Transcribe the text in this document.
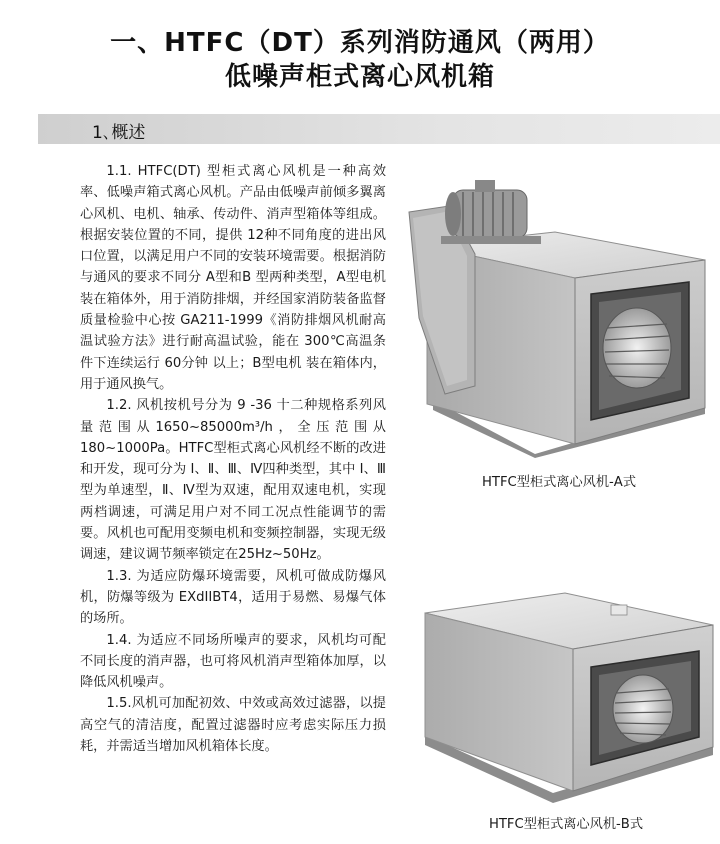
一、HTFC（DT）系列消防通风（两用）
低噪声柜式离心风机箱
1､概述

1.1. HTFC(DT) 型柜式离心风机是一种高效率、低噪声箱式离心风机。产品由低噪声前倾多翼离心风机、电机、轴承、传动件、消声型箱体等组成。根据安装位置的不同，提供 12种不同角度的进出风口位置，以满足用户不同的安装环境需要。根据消防与通风的要求不同分 A型和B 型两种类型，A型电机装在箱体外，用于消防排烟，并经国家消防装备监督质量检验中心按 GA211-1999《消防排烟风机耐高温试验方法》进行耐高温试验，能在 300℃高温条件下连续运行 60分钟 以上；B型电机 装在箱体内，用于通风换气。

1.2. 风机按机号分为 9 -36 十二种规格系列风量范围从1650~85000m³/h，全压范围从180~1000Pa。HTFC型柜式离心风机经不断的改进和开发，现可分为 Ⅰ、Ⅱ、Ⅲ、Ⅳ四种类型，其中 Ⅰ、Ⅲ型为单速型，Ⅱ、Ⅳ型为双速，配用双速电机，实现两档调速，可满足用户对不同工况点性能调节的需要。风机也可配用变频电机和变频控制器，实现无级调速，建议调节频率锁定在25Hz~50Hz。

1.3. 为适应防爆环境需要，风机可做成防爆风机，防爆等级为 EXdIIBT4，适用于易燃、易爆气体的场所。

1.4. 为适应不同场所噪声的要求，风机均可配不同长度的消声器，也可将风机消声型箱体加厚，以降低风机噪声。

1.5.风机可加配初效、中效或高效过滤器，以提高空气的清洁度，配置过滤器时应考虑实际压力损耗，并需适当增加风机箱体长度。

HTFC型柜式离心风机-A式
HTFC型柜式离心风机-B式
